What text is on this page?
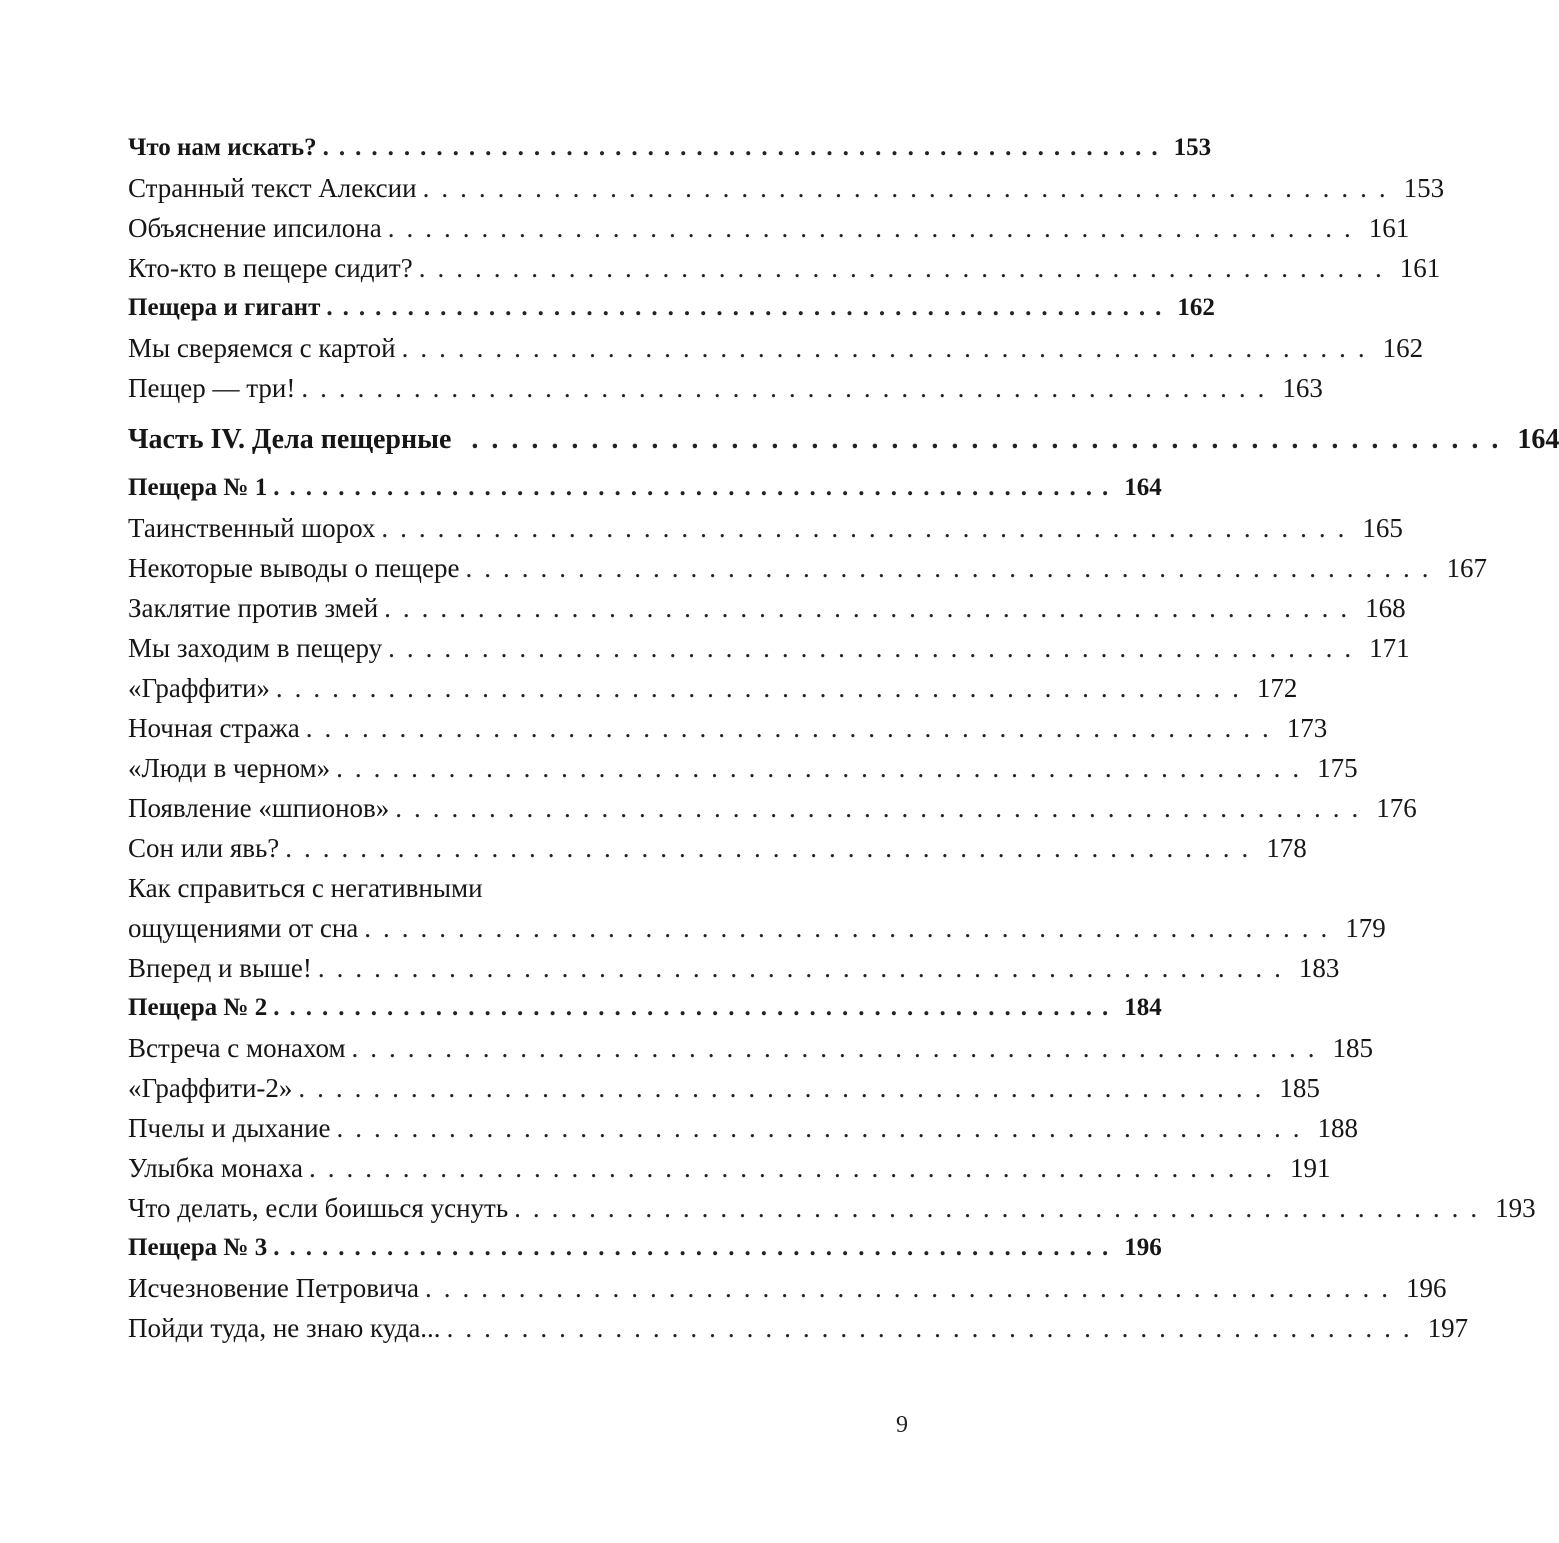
Что нам искать? .................................................... 153
Странный текст Алексии .................................................... 153
Объяснение ипсилона .................................................... 161
Кто-кто в пещере сидит? .................................................... 161
Пещера и гигант .................................................... 162
Мы сверяемся с картой .................................................... 162
Пещер — три! .................................................... 163
Часть IV. Дела пещерные .................................................... 164
Пещера № 1 .................................................... 164
Таинственный шорох .................................................... 165
Некоторые выводы о пещере .................................................... 167
Заклятие против змей .................................................... 168
Мы заходим в пещеру .................................................... 171
«Граффити» .................................................... 172
Ночная стража .................................................... 173
«Люди в черном» .................................................... 175
Появление «шпионов» .................................................... 176
Сон или явь? .................................................... 178
Как справиться с негативными
ощущениями от сна .................................................... 179
Вперед и выше! .................................................... 183
Пещера № 2 .................................................... 184
Встреча с монахом .................................................... 185
«Граффити-2» .................................................... 185
Пчелы и дыхание .................................................... 188
Улыбка монаха .................................................... 191
Что делать, если боишься уснуть .................................................... 193
Пещера № 3 .................................................... 196
Исчезновение Петровича .................................................... 196
Пойди туда, не знаю куда... .................................................... 197
9
